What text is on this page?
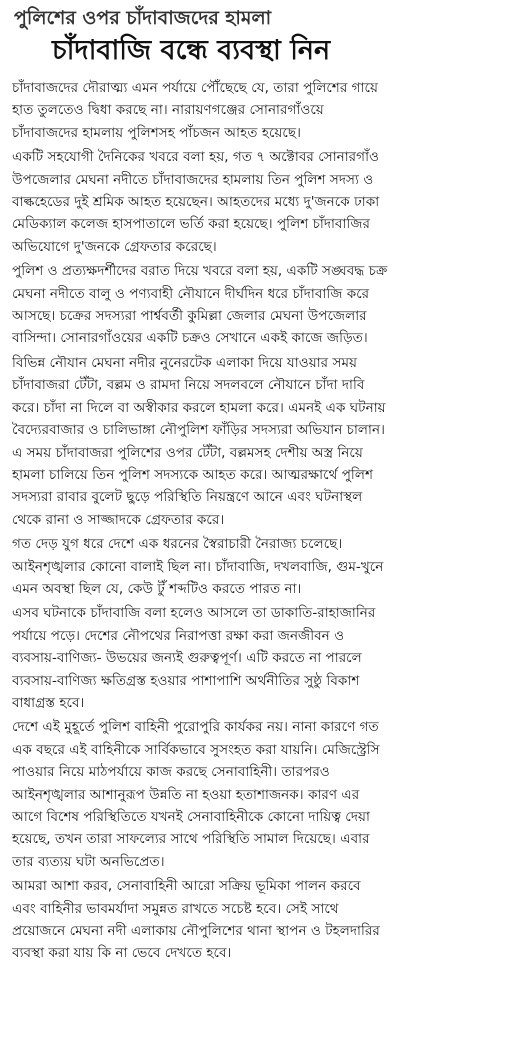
পুলিশের ওপর চাঁদাবাজদের হামলা
চাঁদাবাজি বন্ধে ব্যবস্থা নিন

চাঁদাবাজদের দৌরাত্ম্য এমন পর্যায়ে পৌঁছেছে যে, তারা পুলিশের গায়ে
হাত তুলতেও দ্বিধা করছে না। নারায়ণগঞ্জের সোনারগাঁওয়ে
চাঁদাবাজদের হামলায় পুলিশসহ পাঁচজন আহত হয়েছে।

একটি সহযোগী দৈনিকের খবরে বলা হয়, গত ৭ অক্টোবর সোনারগাঁও
উপজেলার মেঘনা নদীতে চাঁদাবাজদের হামলায় তিন পুলিশ সদস্য ও
বাল্কহেডের দুই শ্রমিক আহত হয়েছেন। আহতদের মধ্যে দু'জনকে ঢাকা
মেডিক্যাল কলেজ হাসপাতালে ভর্তি করা হয়েছে। পুলিশ চাঁদাবাজির
অভিযোগে দু'জনকে গ্রেফতার করেছে।

পুলিশ ও প্রত্যক্ষদর্শীদের বরাত দিয়ে খবরে বলা হয়, একটি সঙ্ঘবদ্ধ চক্র
মেঘনা নদীতে বালু ও পণ্যবাহী নৌযানে দীর্ঘদিন ধরে চাঁদাবাজি করে
আসছে। চক্রের সদস্যরা পার্শ্ববর্তী কুমিল্লা জেলার মেঘনা উপজেলার
বাসিন্দা। সোনারগাঁওয়ের একটি চক্রও সেখানে একই কাজে জড়িত।

বিভিন্ন নৌযান মেঘনা নদীর নুনেরটেক এলাকা দিয়ে যাওয়ার সময়
চাঁদাবাজরা টেঁটা, বল্লম ও রামদা নিয়ে সদলবলে নৌযানে চাঁদা দাবি
করে। চাঁদা না দিলে বা অস্বীকার করলে হামলা করে। এমনই এক ঘটনায়
বৈদ্যেরবাজার ও চালিভাঙ্গা নৌপুলিশ ফাঁড়ির সদস্যরা অভিযান চালান।
এ সময় চাঁদাবাজরা পুলিশের ওপর টেঁটা, বল্লমসহ দেশীয় অস্ত্র নিয়ে
হামলা চালিয়ে তিন পুলিশ সদস্যকে আহত করে। আত্মরক্ষার্থে পুলিশ
সদস্যরা রাবার বুলেট ছুড়ে পরিস্থিতি নিয়ন্ত্রণে আনে এবং ঘটনাস্থল
থেকে রানা ও সাজ্জাদকে গ্রেফতার করে।

গত দেড় যুগ ধরে দেশে এক ধরনের স্বৈরাচারী নৈরাজ্য চলেছে।
আইনশৃঙ্খলার কোনো বালাই ছিল না। চাঁদাবাজি, দখলবাজি, গুম-খুনে
এমন অবস্থা ছিল যে, কেউ টুঁ শব্দটিও করতে পারত না।

এসব ঘটনাকে চাঁদাবাজি বলা হলেও আসলে তা ডাকাতি-রাহাজানির
পর্যায়ে পড়ে। দেশের নৌপথের নিরাপত্তা রক্ষা করা জনজীবন ও
ব্যবসায়-বাণিজ্য- উভয়ের জন্যই গুরুত্বপূর্ণ। এটি করতে না পারলে
ব্যবসায়-বাণিজ্য ক্ষতিগ্রস্ত হওয়ার পাশাপাশি অর্থনীতির সুষ্ঠু বিকাশ
বাধাগ্রস্ত হবে।

দেশে এই মুহূর্তে পুলিশ বাহিনী পুরোপুরি কার্যকর নয়। নানা কারণে গত
এক বছরে এই বাহিনীকে সার্বিকভাবে সুসংহত করা যায়নি। মেজিস্ট্রেসি
পাওয়ার নিয়ে মাঠপর্যায়ে কাজ করছে সেনাবাহিনী। তারপরও
আইনশৃঙ্খলার আশানুরূপ উন্নতি না হওয়া হতাশাজনক। কারণ এর
আগে বিশেষ পরিস্থিতিতে যখনই সেনাবাহিনীকে কোনো দায়িত্ব দেয়া
হয়েছে, তখন তারা সাফল্যের সাথে পরিস্থিতি সামাল দিয়েছে। এবার
তার ব্যত্যয় ঘটা অনভিপ্রেত।

আমরা আশা করব, সেনাবাহিনী আরো সক্রিয় ভূমিকা পালন করবে
এবং বাহিনীর ভাবমর্যাদা সমুন্নত রাখতে সচেষ্ট হবে। সেই সাথে
প্রয়োজনে মেঘনা নদী এলাকায় নৌপুলিশের থানা স্থাপন ও টহলদারির
ব্যবস্থা করা যায় কি না ভেবে দেখতে হবে।
